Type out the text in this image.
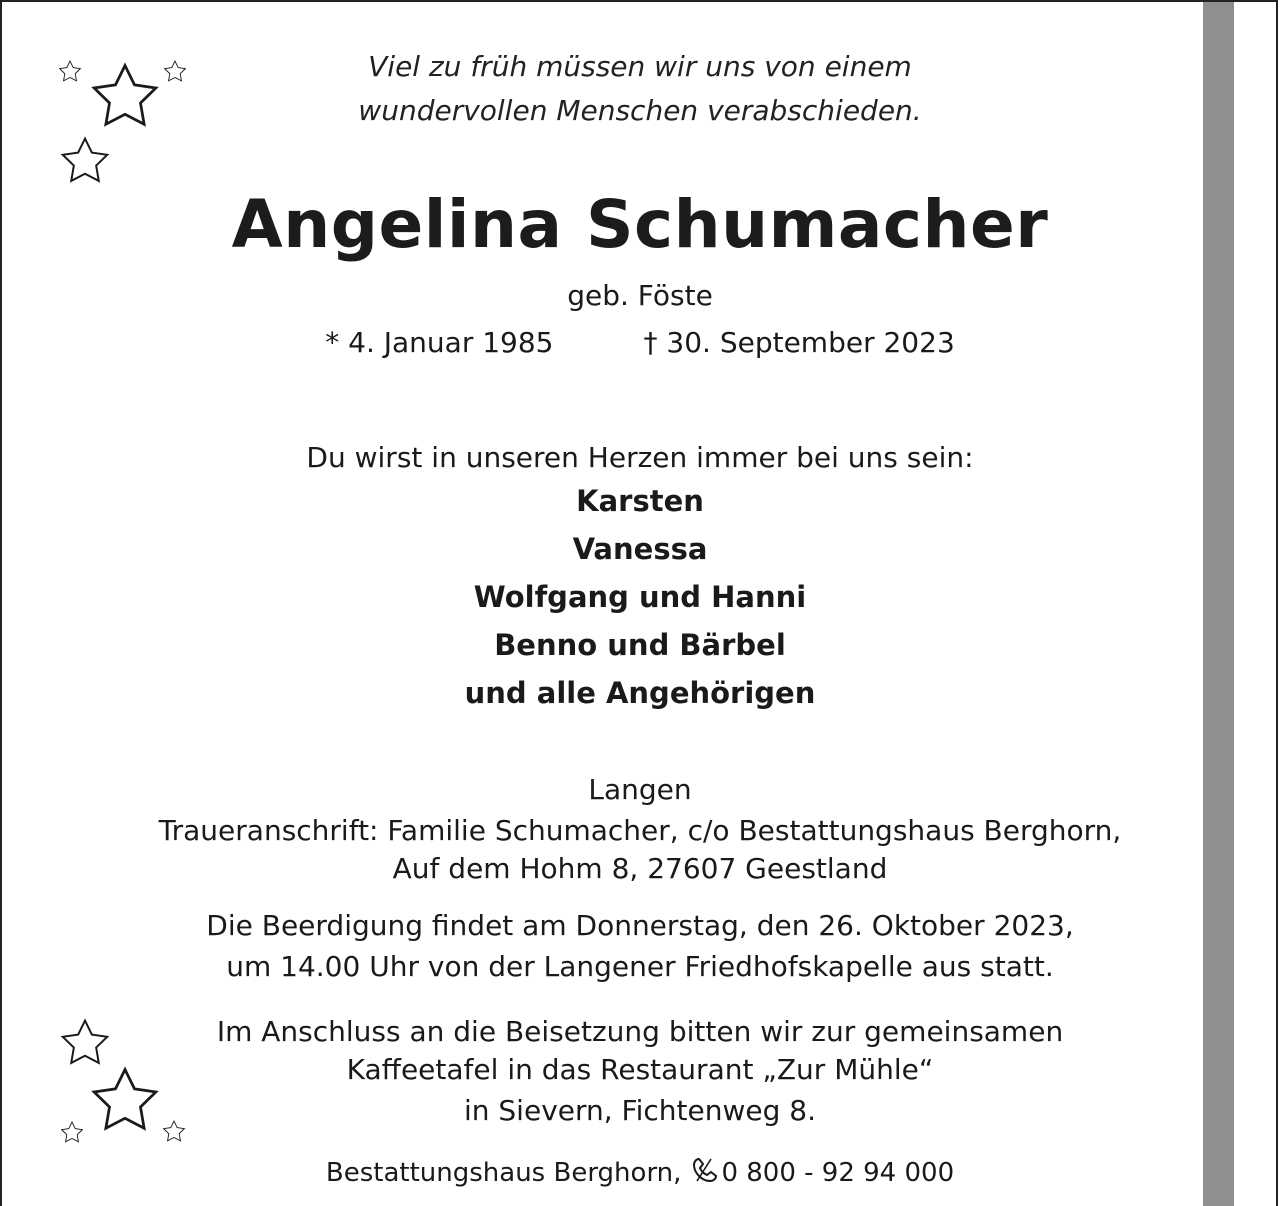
Viel zu früh müssen wir uns von einem
wundervollen Menschen verabschieden.
Angelina Schumacher
geb. Föste
* 4. Januar 1985	† 30. September 2023
Du wirst in unseren Herzen immer bei uns sein:
Karsten
Vanessa
Wolfgang und Hanni
Benno und Bärbel
und alle Angehörigen
Langen
Traueranschrift: Familie Schumacher, c/o Bestattungshaus Berghorn,
Auf dem Hohm 8, 27607 Geestland
Die Beerdigung findet am Donnerstag, den 26. Oktober 2023,
um 14.00 Uhr von der Langener Friedhofskapelle aus statt.
Im Anschluss an die Beisetzung bitten wir zur gemeinsamen
Kaffeetafel in das Restaurant „Zur Mühle“
in Sievern, Fichtenweg 8.
Bestattungshaus Berghorn, 0 800 - 92 94 000
